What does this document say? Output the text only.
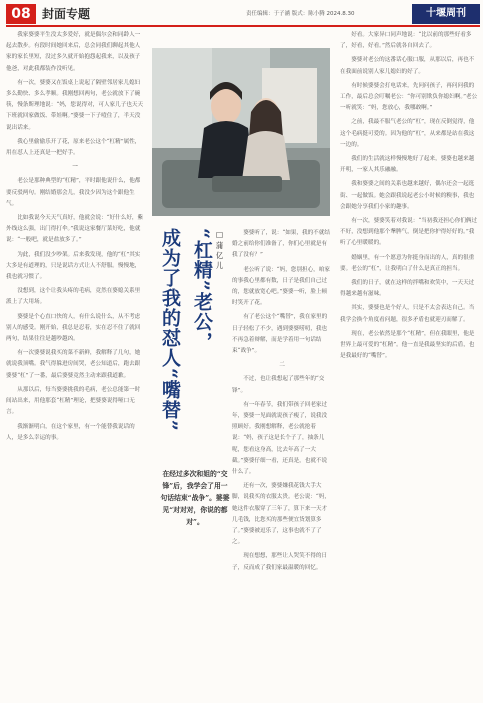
08 封面专题	责任编辑：于子涵 版式：陈小腾 2024.8.30	十堰周刊

我家婆婆平生没太多爱好，就是偶尔会和同龄人一起去散步。有段时间她回来后，总会同我们聊起其他人家的家长里短，没过多久就开始抱怨起我来，以及孩子他爸，对此我都装作没听见。

有一次，婆婆又在饭桌上说起了隔壁邻居家儿媳妇多么勤快、多么孝顺。我刚想回两句，老公就放下了碗筷，慢条斯理地说：“妈，您说得对，可人家儿子也天天下班就回家做饭、带娃啊。”婆婆一下子噎住了，半天没说出话来。

我心里偷偷乐开了花，原来老公这个“杠精”属性，用在怼人上还真是一把好手。

一

老公是那种典型的“杠精”，平时跟他说什么，他都要反驳两句。刚结婚那会儿，我没少因为这个跟他生气。

比如我说今天天气真好，他就会说：“好什么好，紫外线这么强，出门得打伞。”我说这家餐厅菜好吃，他就说：“一般吧，就是盐放多了。”

为此，我们没少吵架。后来我发现，他的“杠”其实大多是有道理的，只是说话方式让人不舒服。慢慢地，我也就习惯了。

没想到，这个让我头疼的毛病，竟然在婆媳关系里派上了大用场。

婆婆是个心直口快的人，有什么说什么，从不考虑别人的感受。刚开始，我总是忍着，实在忍不住了就回两句，结果往往是越吵越凶。

有一次婆婆说我买的菜不新鲜，我解释了几句，她就说我顶嘴。我气得躲进房间哭，老公知道后，跑去跟婆婆“杠”了一番，最后婆婆竟然主动来跟我道歉。

从那以后，每当婆婆挑我的毛病，老公总能第一时间站出来，用他那套“杠精”理论，把婆婆说得哑口无言。

我渐渐明白，在这个家里，有一个能替我说话的人，是多么幸运的事。

“杠精”老公，
成为了我的怼人“嘴替”	□ 蒲 亿 儿
在经过多次和姐的“交锋”后，我学会了用一句话结束“战争”。婆婆见“对对对，你说的都对”。

婆婆听了，说：“如果，我的不就结婚之前给你们准备了，你们心里就是有我了没有？”

老公听了说：“妈，您别担心，咱家的事我心里都有数，日子是我们自己过的，您就放宽心吧。”婆婆一听，脸上顿时笑开了花。

有了老公这个“嘴替”，我在家里的日子轻松了不少，遇到婆婆唠叨，我也不再急着辩解，而是学着用一句话结束“战争”。

二

不过，也让我想起了那些年的“交锋”。

有一年春节，我们带孩子回老家过年，婆婆一见面就说孩子瘦了，说我没照顾好。我刚想解释，老公就抢着说：“妈，孩子这是长个子了，抽条儿呢，您看这身高，比去年高了一大截。”婆婆仔细一看，还真是，也就不说什么了。

还有一次，婆婆嫌我花钱大手大脚，说我买的衣服太贵。老公说：“妈，她这件衣服穿了三年了，算下来一天才几毛钱，比您买的那些便宜货划算多了。”婆婆被逗乐了，这事也就不了了之。

现在想想，那些让人哭笑不得的日子，反而成了我们家最温暖的回忆。

好看。大家异口同声地说：“比以前的那些好看多了，好看，好看。”然后就各自回去了。

婆婆对老公的这番话心服口服，从那以后，再也不在我面前说别人家儿媳妇的好了。

有时候婆婆会打电话来，先问问孩子，再问问我的工作，最后总会叮嘱老公：“你可别欺负你媳妇啊。”老公一听就笑：“妈，您放心，我哪敢啊。”

之前，我最不服气老公的“杠”，现在反倒觉得，他这个毛病挺可爱的。因为他的“杠”，从来都是站在我这一边的。

我们的生活就这样慢慢地好了起来，婆婆也越来越开明，一家人其乐融融。

我和婆婆之间的关系也越来越好，偶尔还会一起逛街、一起做饭。她会跟我说起老公小时候的糗事，我也会跟她分享我们小家的趣事。

有一次，婆婆笑着对我说：“当初我还担心你们俩过不好，没想到他那个犟脾气，倒是把你护得好好的。”我听了心里暖暖的。

婚姻里，有一个愿意为你挺身而出的人，真的很重要。老公的“杠”，让我明白了什么是真正的担当。

我们的日子，就在这样的拌嘴和欢笑中，一天天过得越来越有滋味。

其实，婆婆也是个好人，只是不太会表达自己。当我学会换个角度看问题，很多矛盾也就迎刃而解了。

现在，老公依然是那个“杠精”，但在我眼里，他是世界上最可爱的“杠精”。他一直是我最坚实的后盾，也是我最好的“嘴替”。
